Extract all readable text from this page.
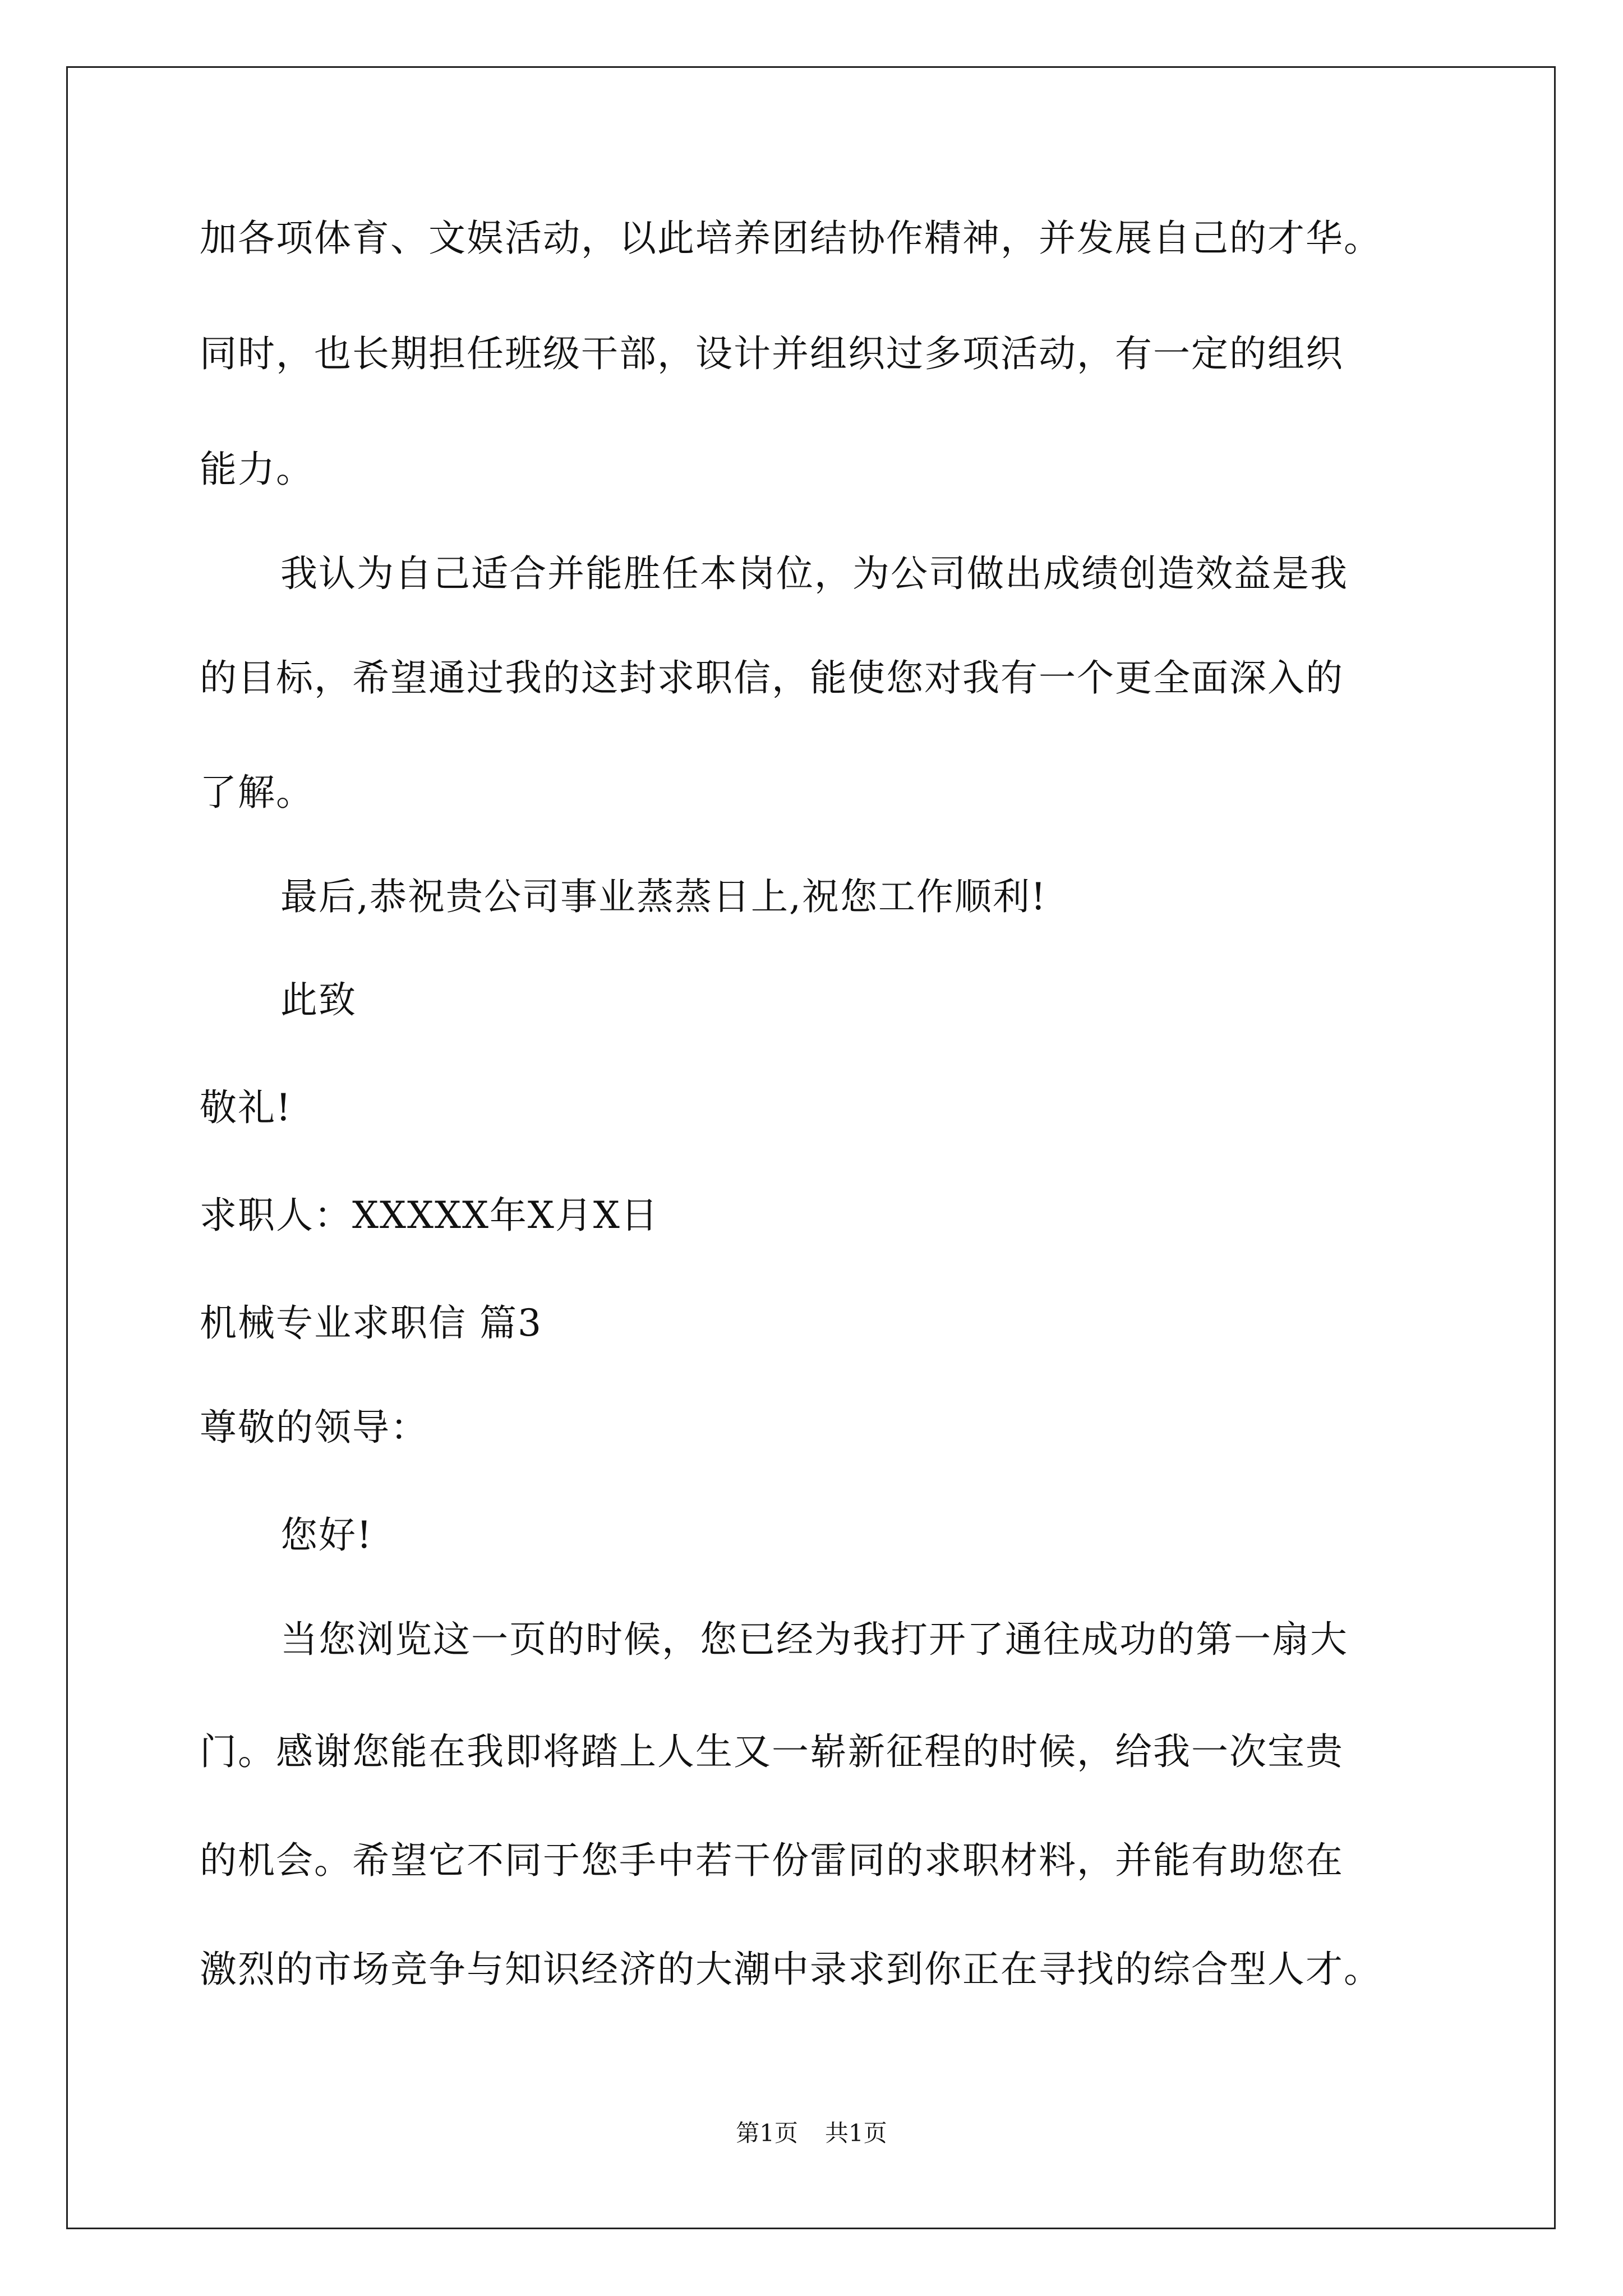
加各项体育、文娱活动，以此培养团结协作精神，并发展自己的才华。
同时，也长期担任班级干部，设计并组织过多项活动，有一定的组织
能力。
我认为自己适合并能胜任本岗位，为公司做出成绩创造效益是我
的目标，希望通过我的这封求职信，能使您对我有一个更全面深入的
了解。
最后,恭祝贵公司事业蒸蒸日上,祝您工作顺利!
此致
敬礼!
求职人：XXXXX年X月X日
机械专业求职信 篇3
尊敬的领导：
您好!
当您浏览这一页的时候，您已经为我打开了通往成功的第一扇大
门。感谢您能在我即将踏上人生又一崭新征程的时候，给我一次宝贵
的机会。希望它不同于您手中若干份雷同的求职材料，并能有助您在
激烈的市场竞争与知识经济的大潮中录求到你正在寻找的综合型人才。
第1页 共1页
